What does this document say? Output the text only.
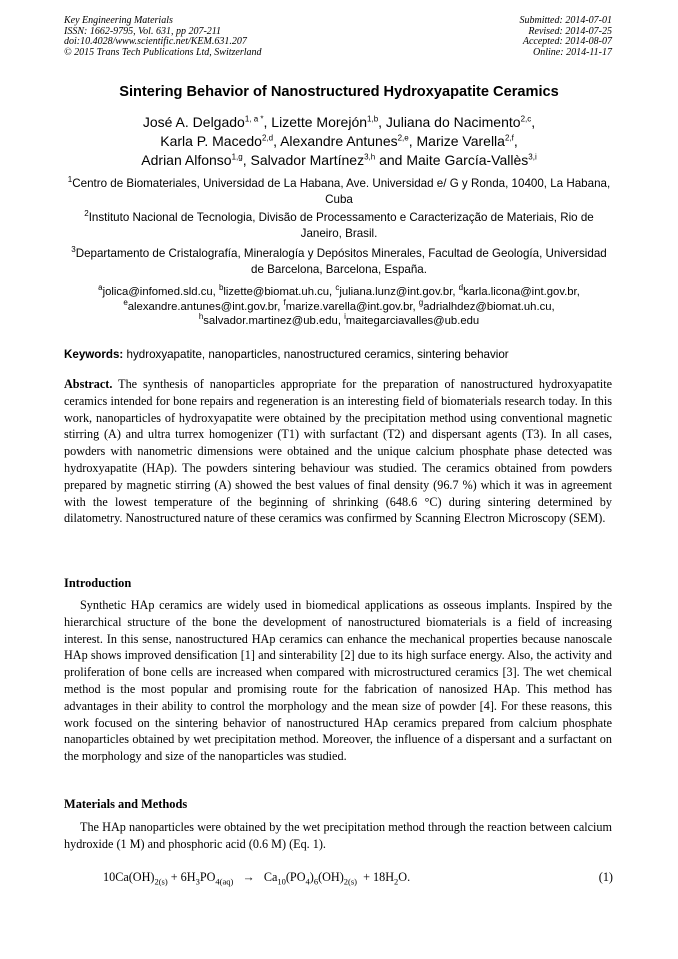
Key Engineering Materials
ISSN: 1662-9795, Vol. 631, pp 207-211
doi:10.4028/www.scientific.net/KEM.631.207
© 2015 Trans Tech Publications Ltd, Switzerland
Submitted: 2014-07-01
Revised: 2014-07-25
Accepted: 2014-08-07
Online: 2014-11-17
Sintering Behavior of Nanostructured Hydroxyapatite Ceramics
José A. Delgado$^{1, a *}$, Lizette Morejón$^{1,b}$, Juliana do Nacimento$^{2,c}$,
Karla P. Macedo$^{2,d}$, Alexandre Antunes$^{2,e}$, Marize Varella$^{2,f}$,
Adrian Alfonso$^{1,g}$, Salvador Martínez$^{3,h}$ and Maite García-Vallès$^{3,i}$
$^1$Centro de Biomateriales, Universidad de La Habana, Ave. Universidad e/ G y Ronda, 10400, La Habana, Cuba
$^2$Instituto Nacional de Tecnologia, Divisão de Processamento e Caracterização de Materiais, Rio de Janeiro, Brasil.
$^3$Departamento de Cristalografía, Mineralogía y Depósitos Minerales, Facultad de Geología, Universidad de Barcelona, Barcelona, España.
$^a$jolica@infomed.sld.cu, $^b$lizette@biomat.uh.cu, $^c$juliana.lunz@int.gov.br, $^d$karla.licona@int.gov.br,
$^e$alexandre.antunes@int.gov.br, $^f$marize.varella@int.gov.br, $^g$adrialhdez@biomat.uh.cu,
$^h$salvador.martinez@ub.edu, $^i$maitegarciavalles@ub.edu
Keywords: hydroxyapatite, nanoparticles, nanostructured ceramics, sintering behavior
Abstract. The synthesis of nanoparticles appropriate for the preparation of nanostructured hydroxyapatite ceramics intended for bone repairs and regeneration is an interesting field of biomaterials research today. In this work, nanoparticles of hydroxyapatite were obtained by the precipitation method using conventional magnetic stirring (A) and ultra turrex homogenizer (T1) with surfactant (T2) and dispersant agents (T3). In all cases, powders with nanometric dimensions were obtained and the unique calcium phosphate phase detected was hydroxyapatite (HAp). The powders sintering behaviour was studied. The ceramics obtained from powders prepared by magnetic stirring (A) showed the best values of final density (96.7 %) which it was in agreement with the lowest temperature of the beginning of shrinking (648.6 °C) during sintering determined by dilatometry. Nanostructured nature of these ceramics was confirmed by Scanning Electron Microscopy (SEM).
Introduction
Synthetic HAp ceramics are widely used in biomedical applications as osseous implants. Inspired by the hierarchical structure of the bone the development of nanostructured biomaterials is a field of increasing interest. In this sense, nanostructured HAp ceramics can enhance the mechanical properties because nanoscale HAp shows improved densification [1] and sinterability [2] due to its high surface energy. Also, the activity and proliferation of bone cells are increased when compared with microstructured ceramics [3]. The wet chemical method is the most popular and promising route for the fabrication of nanosized HAp. This method has advantages in their ability to control the morphology and the mean size of powder [4]. For these reasons, this work focused on the sintering behavior of nanostructured HAp ceramics prepared from calcium phosphate nanoparticles obtained by wet precipitation method. Moreover, the influence of a dispersant and a surfactant on the morphology and size of the nanoparticles was studied.
Materials and Methods
The HAp nanoparticles were obtained by the wet precipitation method through the reaction between calcium hydroxide (1 M) and phosphoric acid (0.6 M) (Eq. 1).
$10Ca(OH)_{2(s)} + 6H_3PO_{4(aq)} \to Ca_{10}(PO_4)_6(OH)_{2(s)} + 18H_2O$.	(1)
